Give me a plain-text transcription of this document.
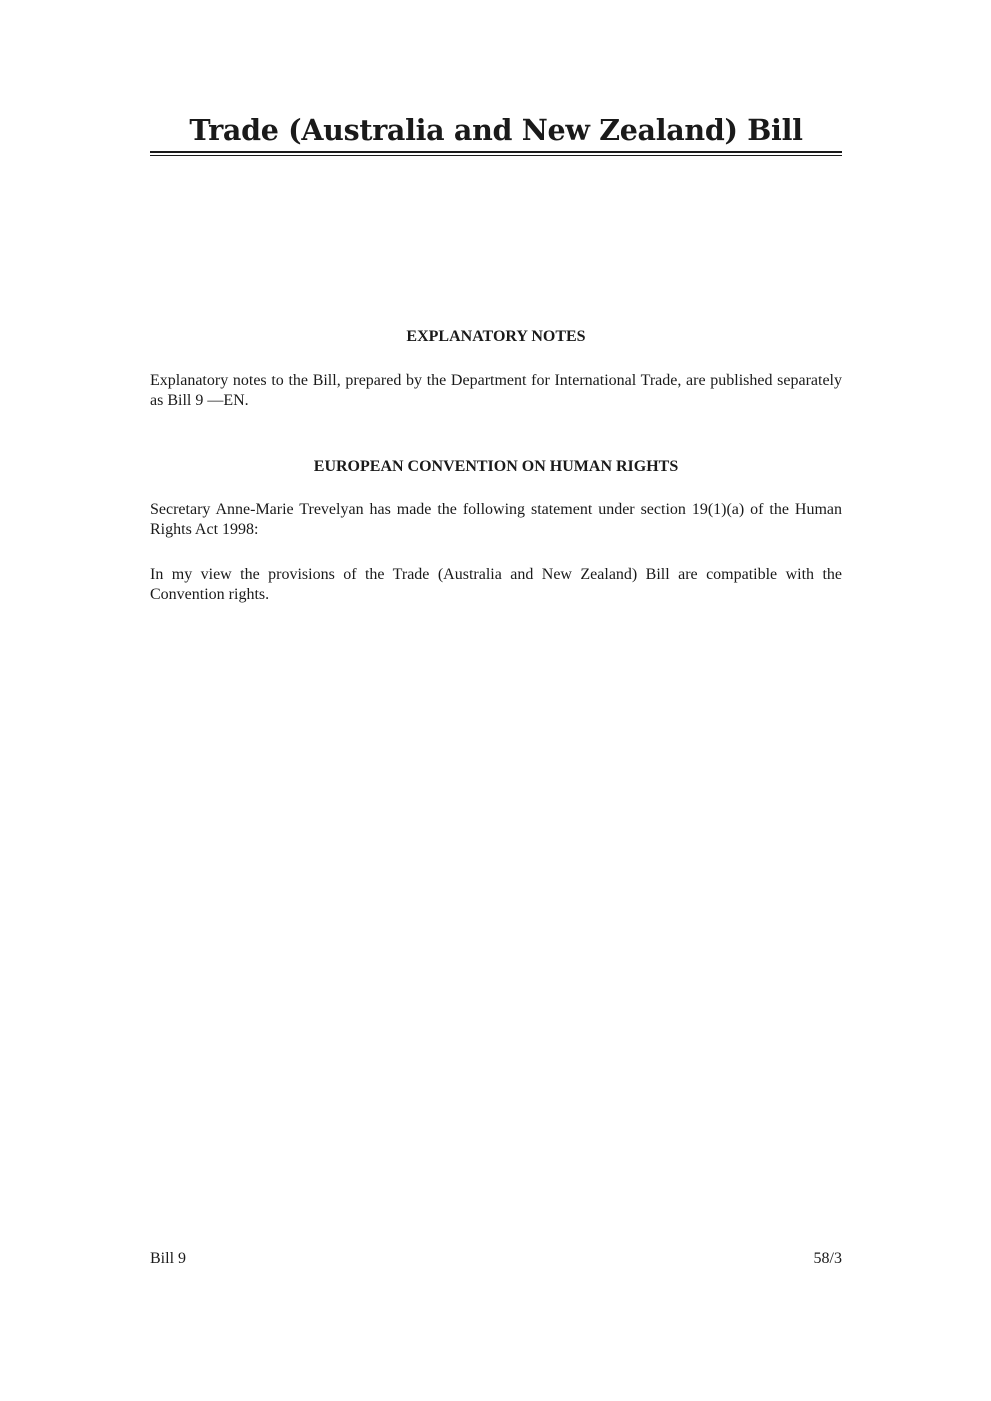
Trade (Australia and New Zealand) Bill
EXPLANATORY NOTES

Explanatory notes to the Bill, prepared by the Department for International Trade, are published separately as Bill 9 —EN.

EUROPEAN CONVENTION ON HUMAN RIGHTS

Secretary Anne-Marie Trevelyan has made the following statement under section 19(1)(a) of the Human Rights Act 1998:

In my view the provisions of the Trade (Australia and New Zealand) Bill are compatible with the Convention rights.

Bill 9	58/3
